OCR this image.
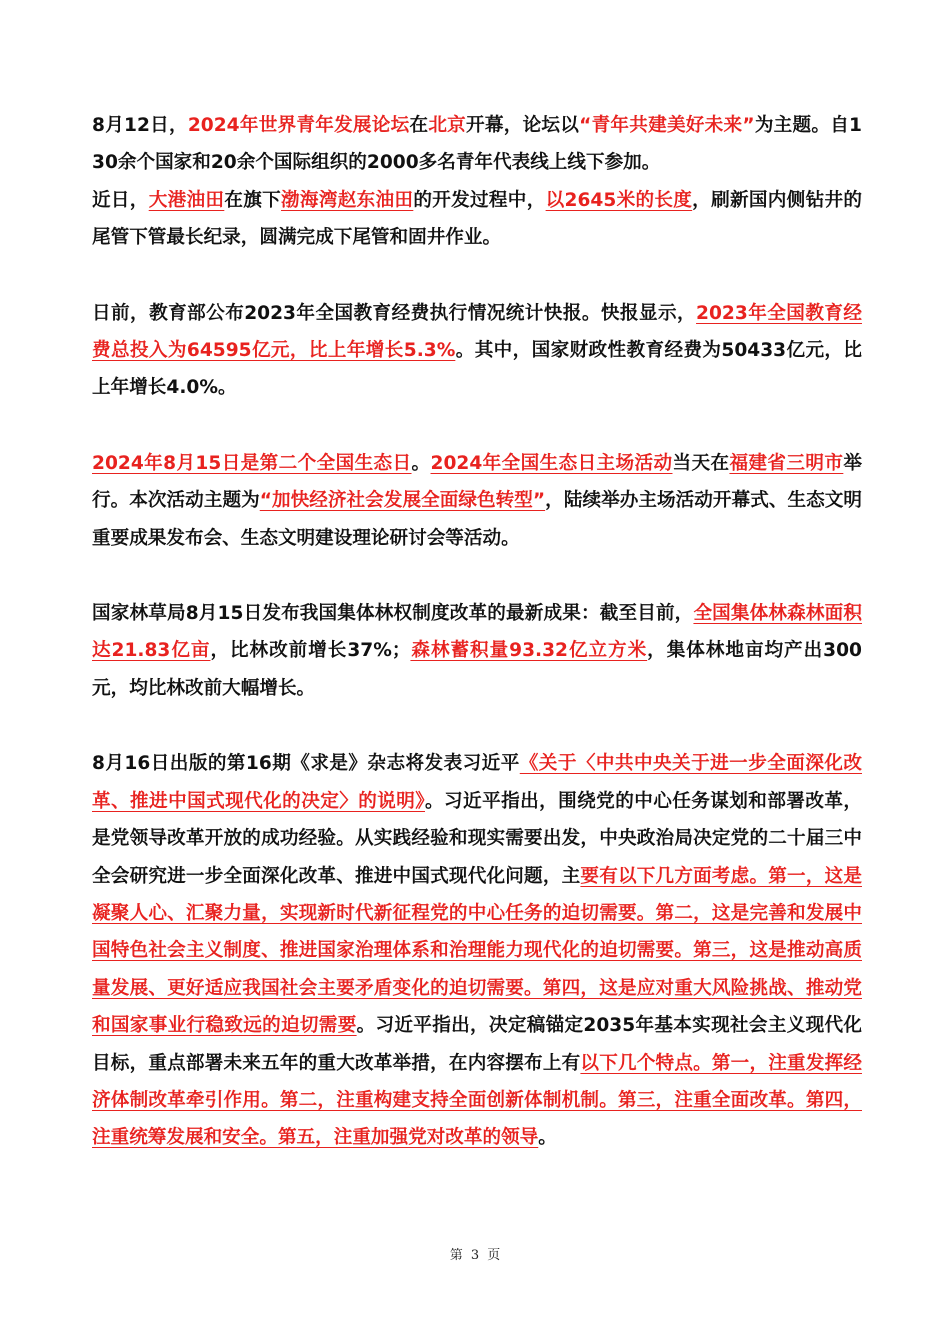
8月12日，2024年世界青年发展论坛在北京开幕，论坛以“青年共建美好未来”为主题。自130余个国家和20余个国际组织的2000多名青年代表线上线下参加。

近日，大港油田在旗下渤海湾赵东油田的开发过程中，以2645米的长度，刷新国内侧钻井的尾管下管最长纪录，圆满完成下尾管和固井作业。

日前，教育部公布2023年全国教育经费执行情况统计快报。快报显示，2023年全国教育经费总投入为64595亿元，比上年增长5.3%。其中，国家财政性教育经费为50433亿元，比上年增长4.0%。

2024年8月15日是第二个全国生态日。2024年全国生态日主场活动当天在福建省三明市举行。本次活动主题为“加快经济社会发展全面绿色转型”，陆续举办主场活动开幕式、生态文明重要成果发布会、生态文明建设理论研讨会等活动。

国家林草局8月15日发布我国集体林权制度改革的最新成果：截至目前，全国集体林森林面积达21.83亿亩，比林改前增长37%；森林蓄积量93.32亿立方米，集体林地亩均产出300元，均比林改前大幅增长。

8月16日出版的第16期《求是》杂志将发表习近平《关于〈中共中央关于进一步全面深化改革、推进中国式现代化的决定〉的说明》。习近平指出，围绕党的中心任务谋划和部署改革，是党领导改革开放的成功经验。从实践经验和现实需要出发，中央政治局决定党的二十届三中全会研究进一步全面深化改革、推进中国式现代化问题，主要有以下几方面考虑。第一，这是凝聚人心、汇聚力量，实现新时代新征程党的中心任务的迫切需要。第二，这是完善和发展中国特色社会主义制度、推进国家治理体系和治理能力现代化的迫切需要。第三，这是推动高质量发展、更好适应我国社会主要矛盾变化的迫切需要。第四，这是应对重大风险挑战、推动党和国家事业行稳致远的迫切需要。习近平指出，决定稿锚定2035年基本实现社会主义现代化目标，重点部署未来五年的重大改革举措，在内容摆布上有以下几个特点。第一，注重发挥经济体制改革牵引作用。第二，注重构建支持全面创新体制机制。第三，注重全面改革。第四，注重统筹发展和安全。第五，注重加强党对改革的领导。

第 3 页
